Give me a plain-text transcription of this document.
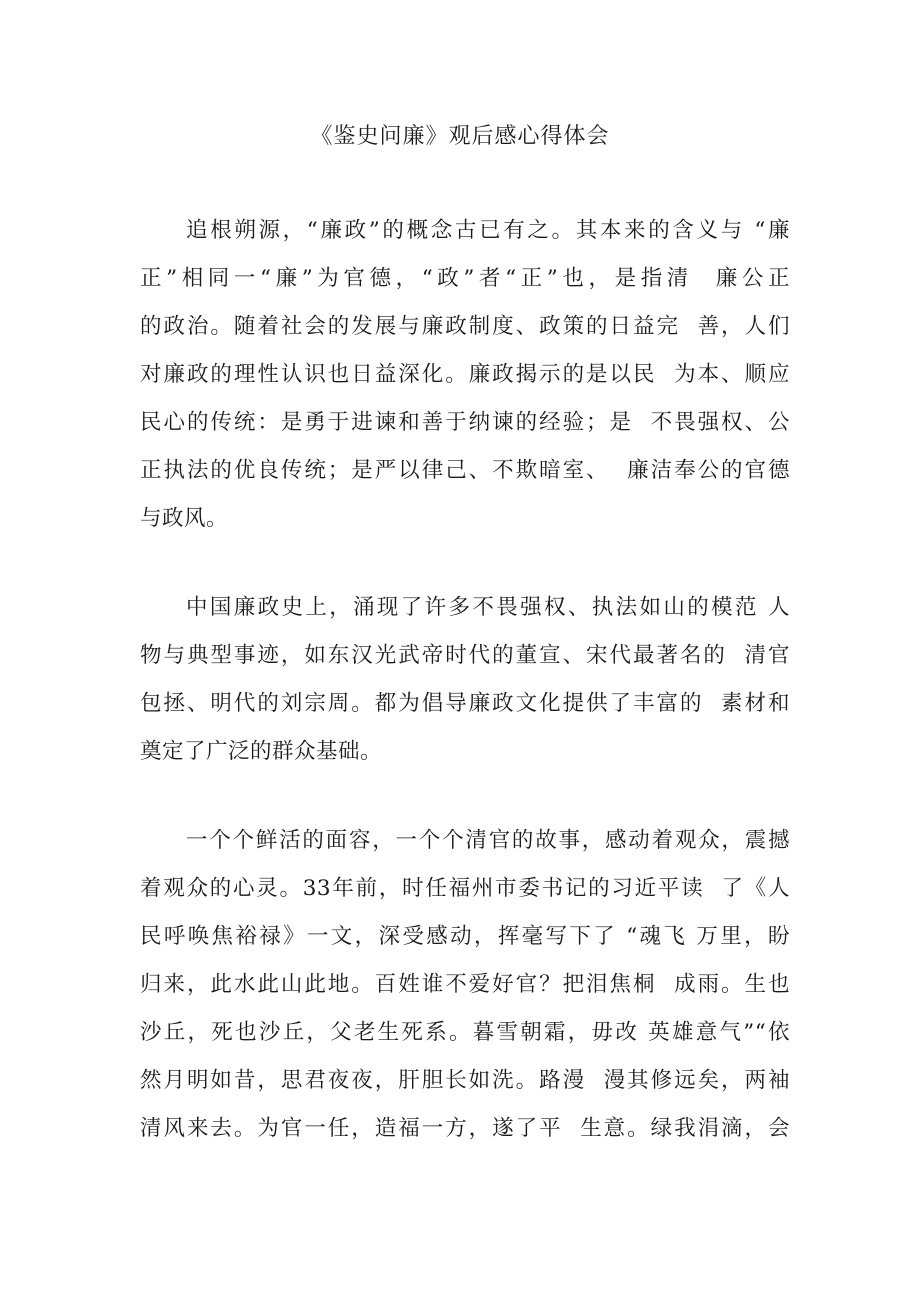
《鉴史问廉》观后感心得体会
追根朔源，“廉政”的概念古已有之。其本来的含义与 “廉
正”相同一“廉”为官德，“政”者“正”也，是指清  廉公正
的政治。随着社会的发展与廉政制度、政策的日益完  善，人们
对廉政的理性认识也日益深化。廉政揭示的是以民  为本、顺应
民心的传统：是勇于进谏和善于纳谏的经验；是  不畏强权、公
正执法的优良传统；是严以律己、不欺暗室、  廉洁奉公的官德
与政风。
中国廉政史上，涌现了许多不畏强权、执法如山的模范 人
物与典型事迹，如东汉光武帝时代的董宣、宋代最著名的  清官
包拯、明代的刘宗周。都为倡导廉政文化提供了丰富的  素材和
奠定了广泛的群众基础。
一个个鲜活的面容，一个个清官的故事，感动着观众，震撼
着观众的心灵。33年前，时任福州市委书记的习近平读  了《人
民呼唤焦裕禄》一文，深受感动，挥毫写下了 “魂飞 万里，盼
归来，此水此山此地。百姓谁不爱好官？把泪焦桐  成雨。生也
沙丘，死也沙丘，父老生死系。暮雪朝霜，毋改 英雄意气”“依
然月明如昔，思君夜夜，肝胆长如洗。路漫  漫其修远矣，两袖
清风来去。为官一任，造福一方，遂了平  生意。绿我涓滴，会
